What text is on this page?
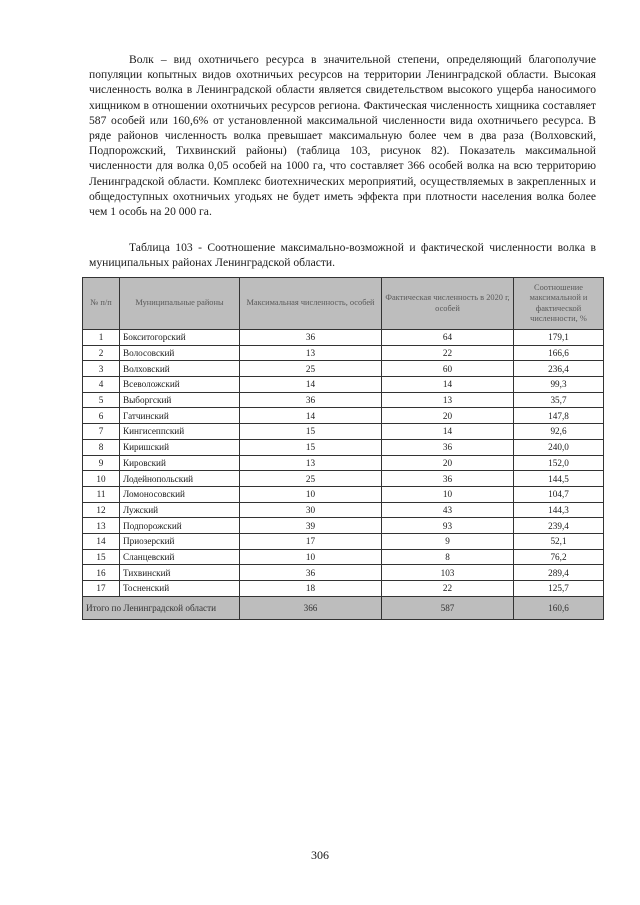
Волк – вид охотничьего ресурса в значительной степени, определяющий благополучие популяции копытных видов охотничьих ресурсов на территории Ленинградской области. Высокая численность волка в Ленинградской области является свидетельством высокого ущерба наносимого хищником в отношении охотничьих ресурсов региона. Фактическая численность хищника составляет 587 особей или 160,6% от установленной максимальной численности вида охотничьего ресурса. В ряде районов численность волка превышает максимальную более чем в два раза (Волховский, Подпорожский, Тихвинский районы) (таблица 103, рисунок 82). Показатель максимальной численности для волка 0,05 особей на 1000 га, что составляет 366 особей волка на всю территорию Ленинградской области. Комплекс биотехнических мероприятий, осуществляемых в закрепленных и общедоступных охотничьих угодьях не будет иметь эффекта при плотности населения волка более чем 1 особь на 20 000 га.

Таблица 103 - Соотношение максимально-возможной и фактической численности волка в муниципальных районах Ленинградской области.

№ п/п	Муниципальные районы	Максимальная численность, особей	Фактическая численность в 2020 г, особей	Соотношение максимальной и фактической численности, %
1	Бокситогорский	36	64	179,1
2	Волосовский	13	22	166,6
3	Волховский	25	60	236,4
4	Всеволожский	14	14	99,3
5	Выборгский	36	13	35,7
6	Гатчинский	14	20	147,8
7	Кингисеппский	15	14	92,6
8	Киришский	15	36	240,0
9	Кировский	13	20	152,0
10	Лодейнопольский	25	36	144,5
11	Ломоносовский	10	10	104,7
12	Лужский	30	43	144,3
13	Подпорожский	39	93	239,4
14	Приозерский	17	9	52,1
15	Сланцевский	10	8	76,2
16	Тихвинский	36	103	289,4
17	Тосненский	18	22	125,7
Итого по Ленинградской области		366	587	160,6
306
